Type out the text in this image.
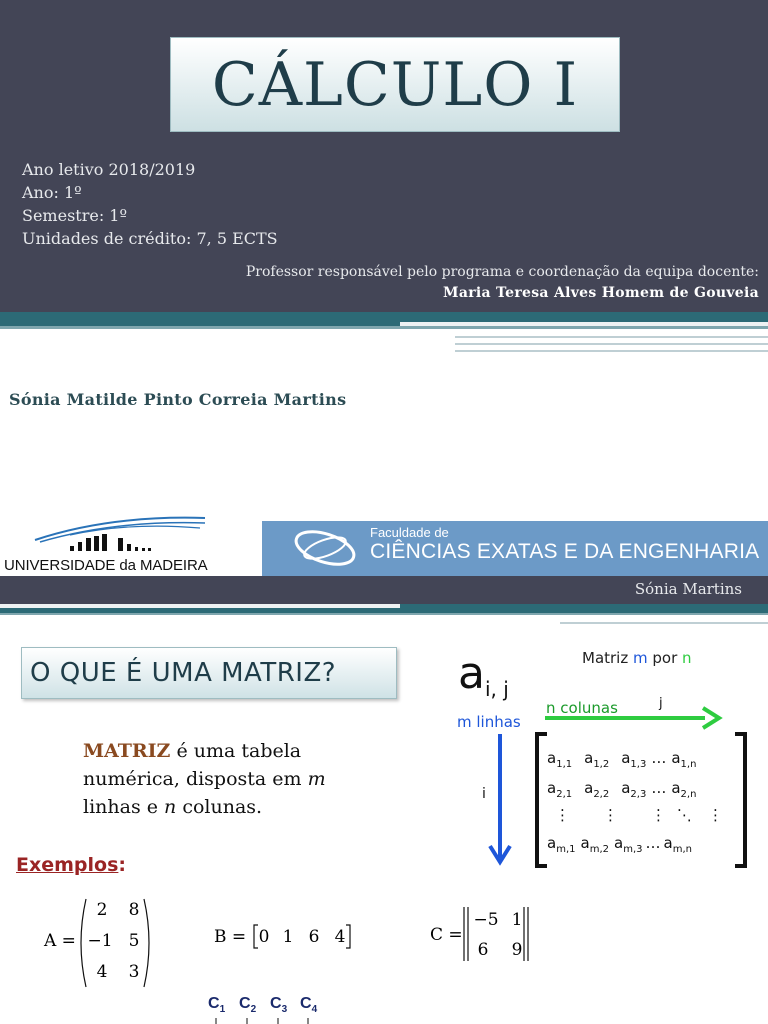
CÁLCULO I
Ano letivo 2018/2019
Ano: 1º
Semestre: 1º
Unidades de crédito: 7, 5 ECTS
Professor responsável pelo programa e coordenação da equipa docente:
Maria Teresa Alves Homem de Gouveia
Sónia Matilde Pinto Correia Martins
UNIVERSIDADE da MADEIRA
Faculdade de
CIÊNCIAS EXATAS E DA ENGENHARIA
Sónia Martins
O QUE É UMA MATRIZ?
MATRIZ é uma tabela numérica, disposta em m linhas e n colunas.
Exemplos:
A =
2 8
−1 5
4 3
B = 0 1 6 4	C =
−5 1
6 9
$C_1$ $C_2$ $C_3$ $C_4$
a i, j
Matriz m por n
n colunas	j
m linhas
i
$a_{1,1}$ $a_{1,2}$ $a_{1,3}$ … $a_{1,n}$
$a_{2,1}$ $a_{2,2}$ $a_{2,3}$ … $a_{2,n}$
⋮ ⋮ ⋮ ⋱ ⋮
$a_{m,1}$ $a_{m,2}$ $a_{m,3}$ … $a_{m,n}$
